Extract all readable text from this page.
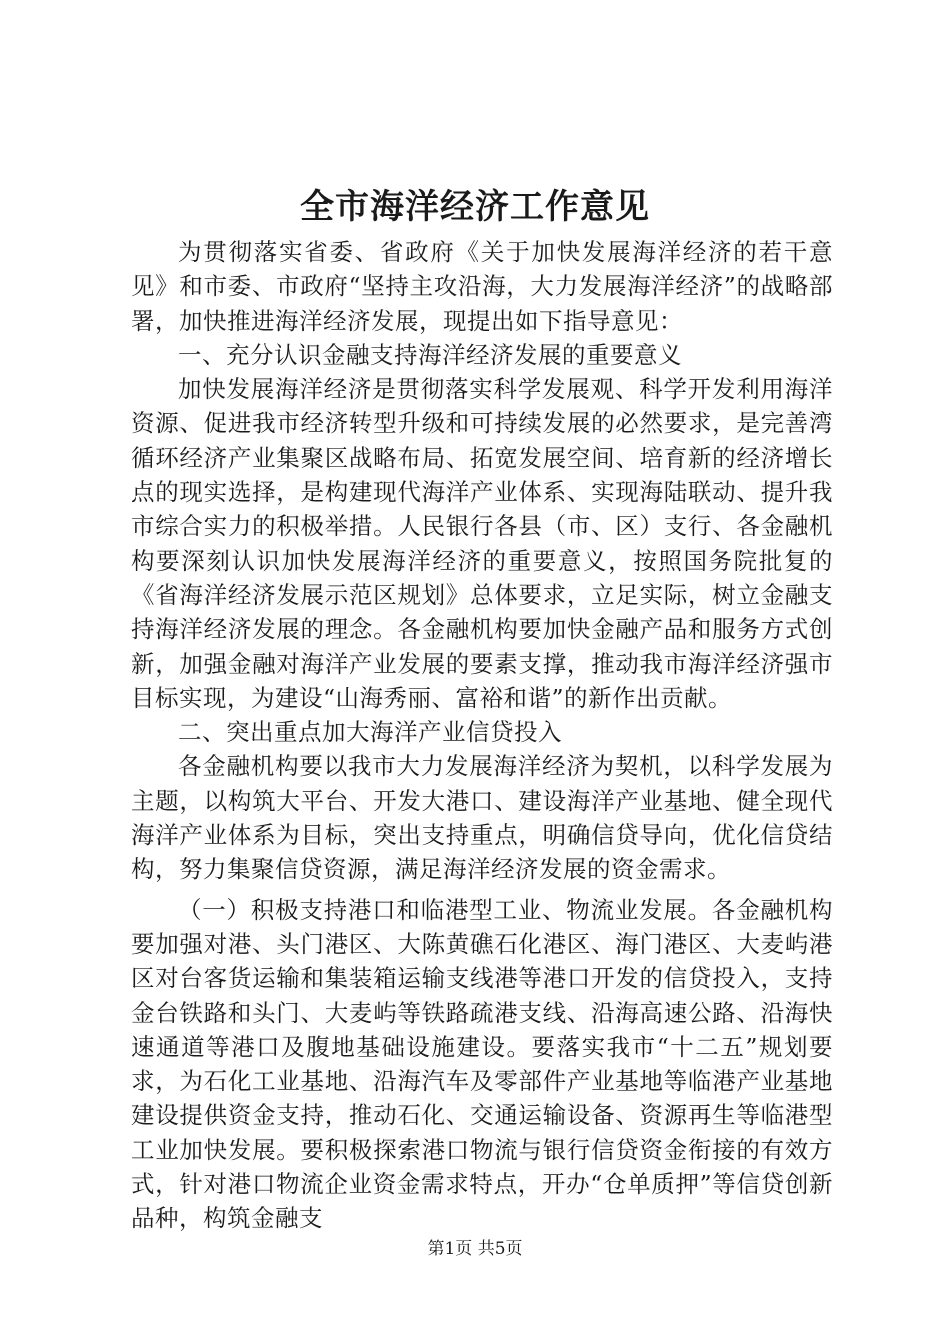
全市海洋经济工作意见

为贯彻落实省委、省政府《关于加快发展海洋经济的若干意见》和市委、市政府“坚持主攻沿海，大力发展海洋经济”的战略部署，加快推进海洋经济发展，现提出如下指导意见：

一、充分认识金融支持海洋经济发展的重要意义

加快发展海洋经济是贯彻落实科学发展观、科学开发利用海洋资源、促进我市经济转型升级和可持续发展的必然要求，是完善湾循环经济产业集聚区战略布局、拓宽发展空间、培育新的经济增长点的现实选择，是构建现代海洋产业体系、实现海陆联动、提升我市综合实力的积极举措。人民银行各县（市、区）支行、各金融机构要深刻认识加快发展海洋经济的重要意义，按照国务院批复的《省海洋经济发展示范区规划》总体要求，立足实际，树立金融支持海洋经济发展的理念。各金融机构要加快金融产品和服务方式创新，加强金融对海洋产业发展的要素支撑，推动我市海洋经济强市目标实现，为建设“山海秀丽、富裕和谐”的新作出贡献。

二、突出重点加大海洋产业信贷投入

各金融机构要以我市大力发展海洋经济为契机，以科学发展为主题，以构筑大平台、开发大港口、建设海洋产业基地、健全现代海洋产业体系为目标，突出支持重点，明确信贷导向，优化信贷结构，努力集聚信贷资源，满足海洋经济发展的资金需求。

（一）积极支持港口和临港型工业、物流业发展。各金融机构要加强对港、头门港区、大陈黄礁石化港区、海门港区、大麦屿港区对台客货运输和集装箱运输支线港等港口开发的信贷投入，支持金台铁路和头门、大麦屿等铁路疏港支线、沿海高速公路、沿海快速通道等港口及腹地基础设施建设。要落实我市“十二五”规划要求，为石化工业基地、沿海汽车及零部件产业基地等临港产业基地建设提供资金支持，推动石化、交通运输设备、资源再生等临港型工业加快发展。要积极探索港口物流与银行信贷资金衔接的有效方式，针对港口物流企业资金需求特点，开办“仓单质押”等信贷创新品种，构筑金融支

第1页 共5页
